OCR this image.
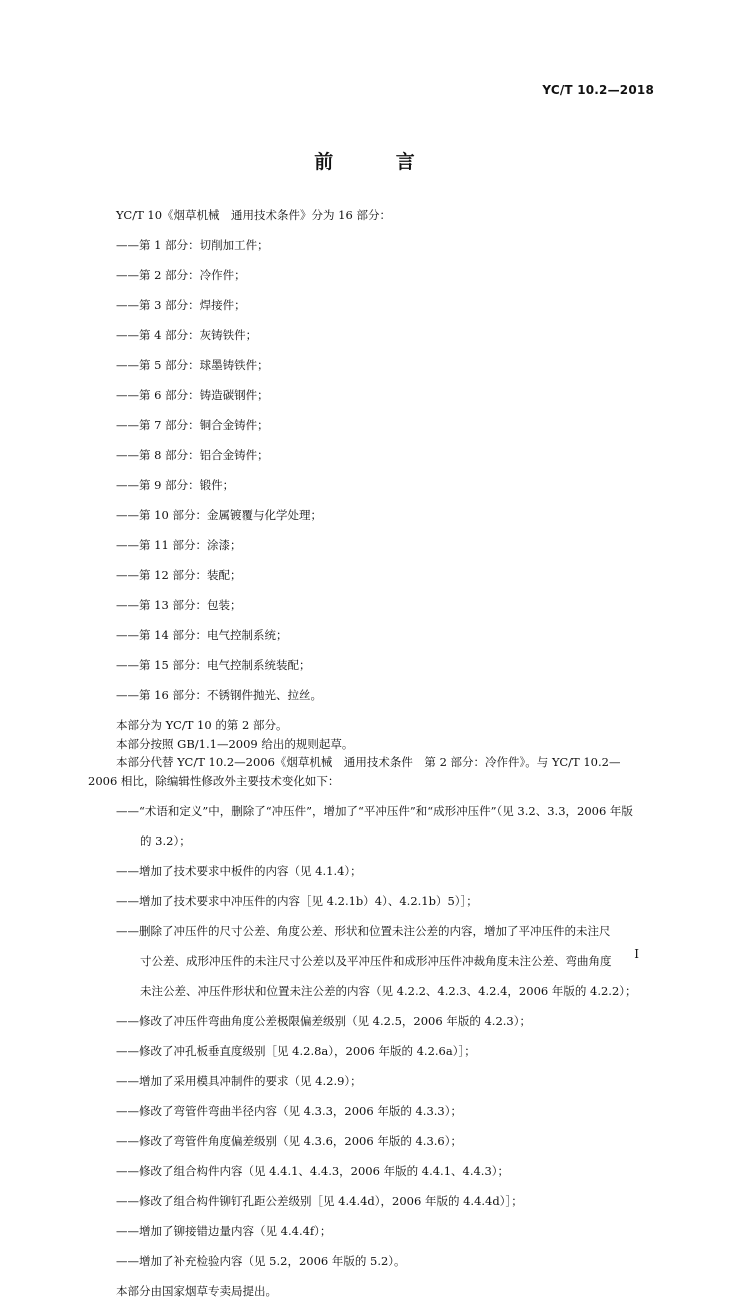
YC/T 10.2—2018
前 言

YC/T 10《烟草机械　通用技术条件》分为 16 部分：

——第 1 部分：切削加工件；

——第 2 部分：冷作件；

——第 3 部分：焊接件；

——第 4 部分：灰铸铁件；

——第 5 部分：球墨铸铁件；

——第 6 部分：铸造碳钢件；

——第 7 部分：铜合金铸件；

——第 8 部分：铝合金铸件；

——第 9 部分：锻件；

——第 10 部分：金属镀覆与化学处理；

——第 11 部分：涂漆；

——第 12 部分：装配；

——第 13 部分：包装；

——第 14 部分：电气控制系统；

——第 15 部分：电气控制系统装配；

——第 16 部分：不锈钢件抛光、拉丝。

本部分为 YC/T 10 的第 2 部分。

本部分按照 GB/1.1—2009 给出的规则起草。

本部分代替 YC/T 10.2—2006《烟草机械　通用技术条件　第 2 部分：冷作件》。与 YC/T 10.2—

2006 相比，除编辑性修改外主要技术变化如下：

——“术语和定义”中，删除了“冲压件”，增加了“平冲压件”和“成形冲压件”（见 3.2、3.3，2006 年版

的 3.2）；

——增加了技术要求中板件的内容（见 4.1.4）；

——增加了技术要求中冲压件的内容［见 4.2.1b）4）、4.2.1b）5）］；

——删除了冲压件的尺寸公差、角度公差、形状和位置未注公差的内容，增加了平冲压件的未注尺

寸公差、成形冲压件的未注尺寸公差以及平冲压件和成形冲压件冲裁角度未注公差、弯曲角度

未注公差、冲压件形状和位置未注公差的内容（见 4.2.2、4.2.3、4.2.4，2006 年版的 4.2.2）；

——修改了冲压件弯曲角度公差极限偏差级别（见 4.2.5，2006 年版的 4.2.3）；

——修改了冲孔板垂直度级别［见 4.2.8a），2006 年版的 4.2.6a）］；

——增加了采用模具冲制件的要求（见 4.2.9）；

——修改了弯管件弯曲半径内容（见 4.3.3，2006 年版的 4.3.3）；

——修改了弯管件角度偏差级别（见 4.3.6，2006 年版的 4.3.6）；

——修改了组合构件内容（见 4.4.1、4.4.3，2006 年版的 4.4.1、4.4.3）；

——修改了组合构件铆钉孔距公差级别［见 4.4.4d），2006 年版的 4.4.4d）］；

——增加了铆接错边量内容（见 4.4.4f）；

——增加了补充检验内容（见 5.2，2006 年版的 5.2）。

本部分由国家烟草专卖局提出。

I
